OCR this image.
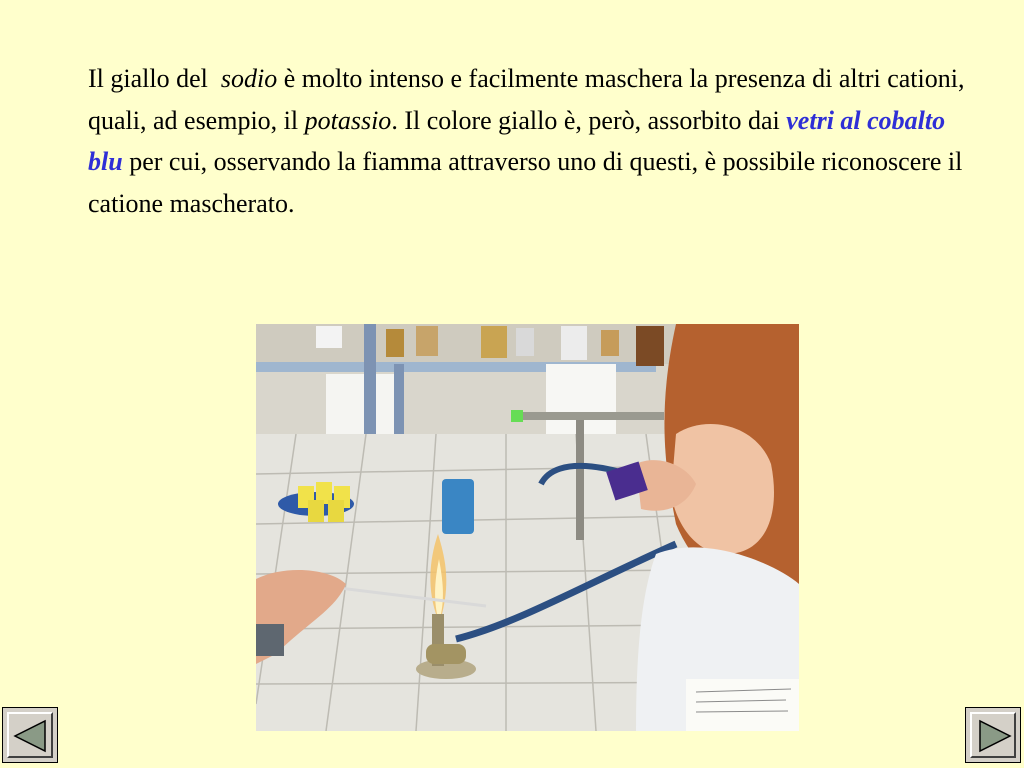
Il giallo del sodio è molto intenso e facilmente maschera la presenza di altri cationi, quali, ad esempio, il potassio. Il colore giallo è, però, assorbito dai vetri al cobalto blu per cui, osservando la fiamma attraverso uno di questi, è possibile riconoscere il catione mascherato.
